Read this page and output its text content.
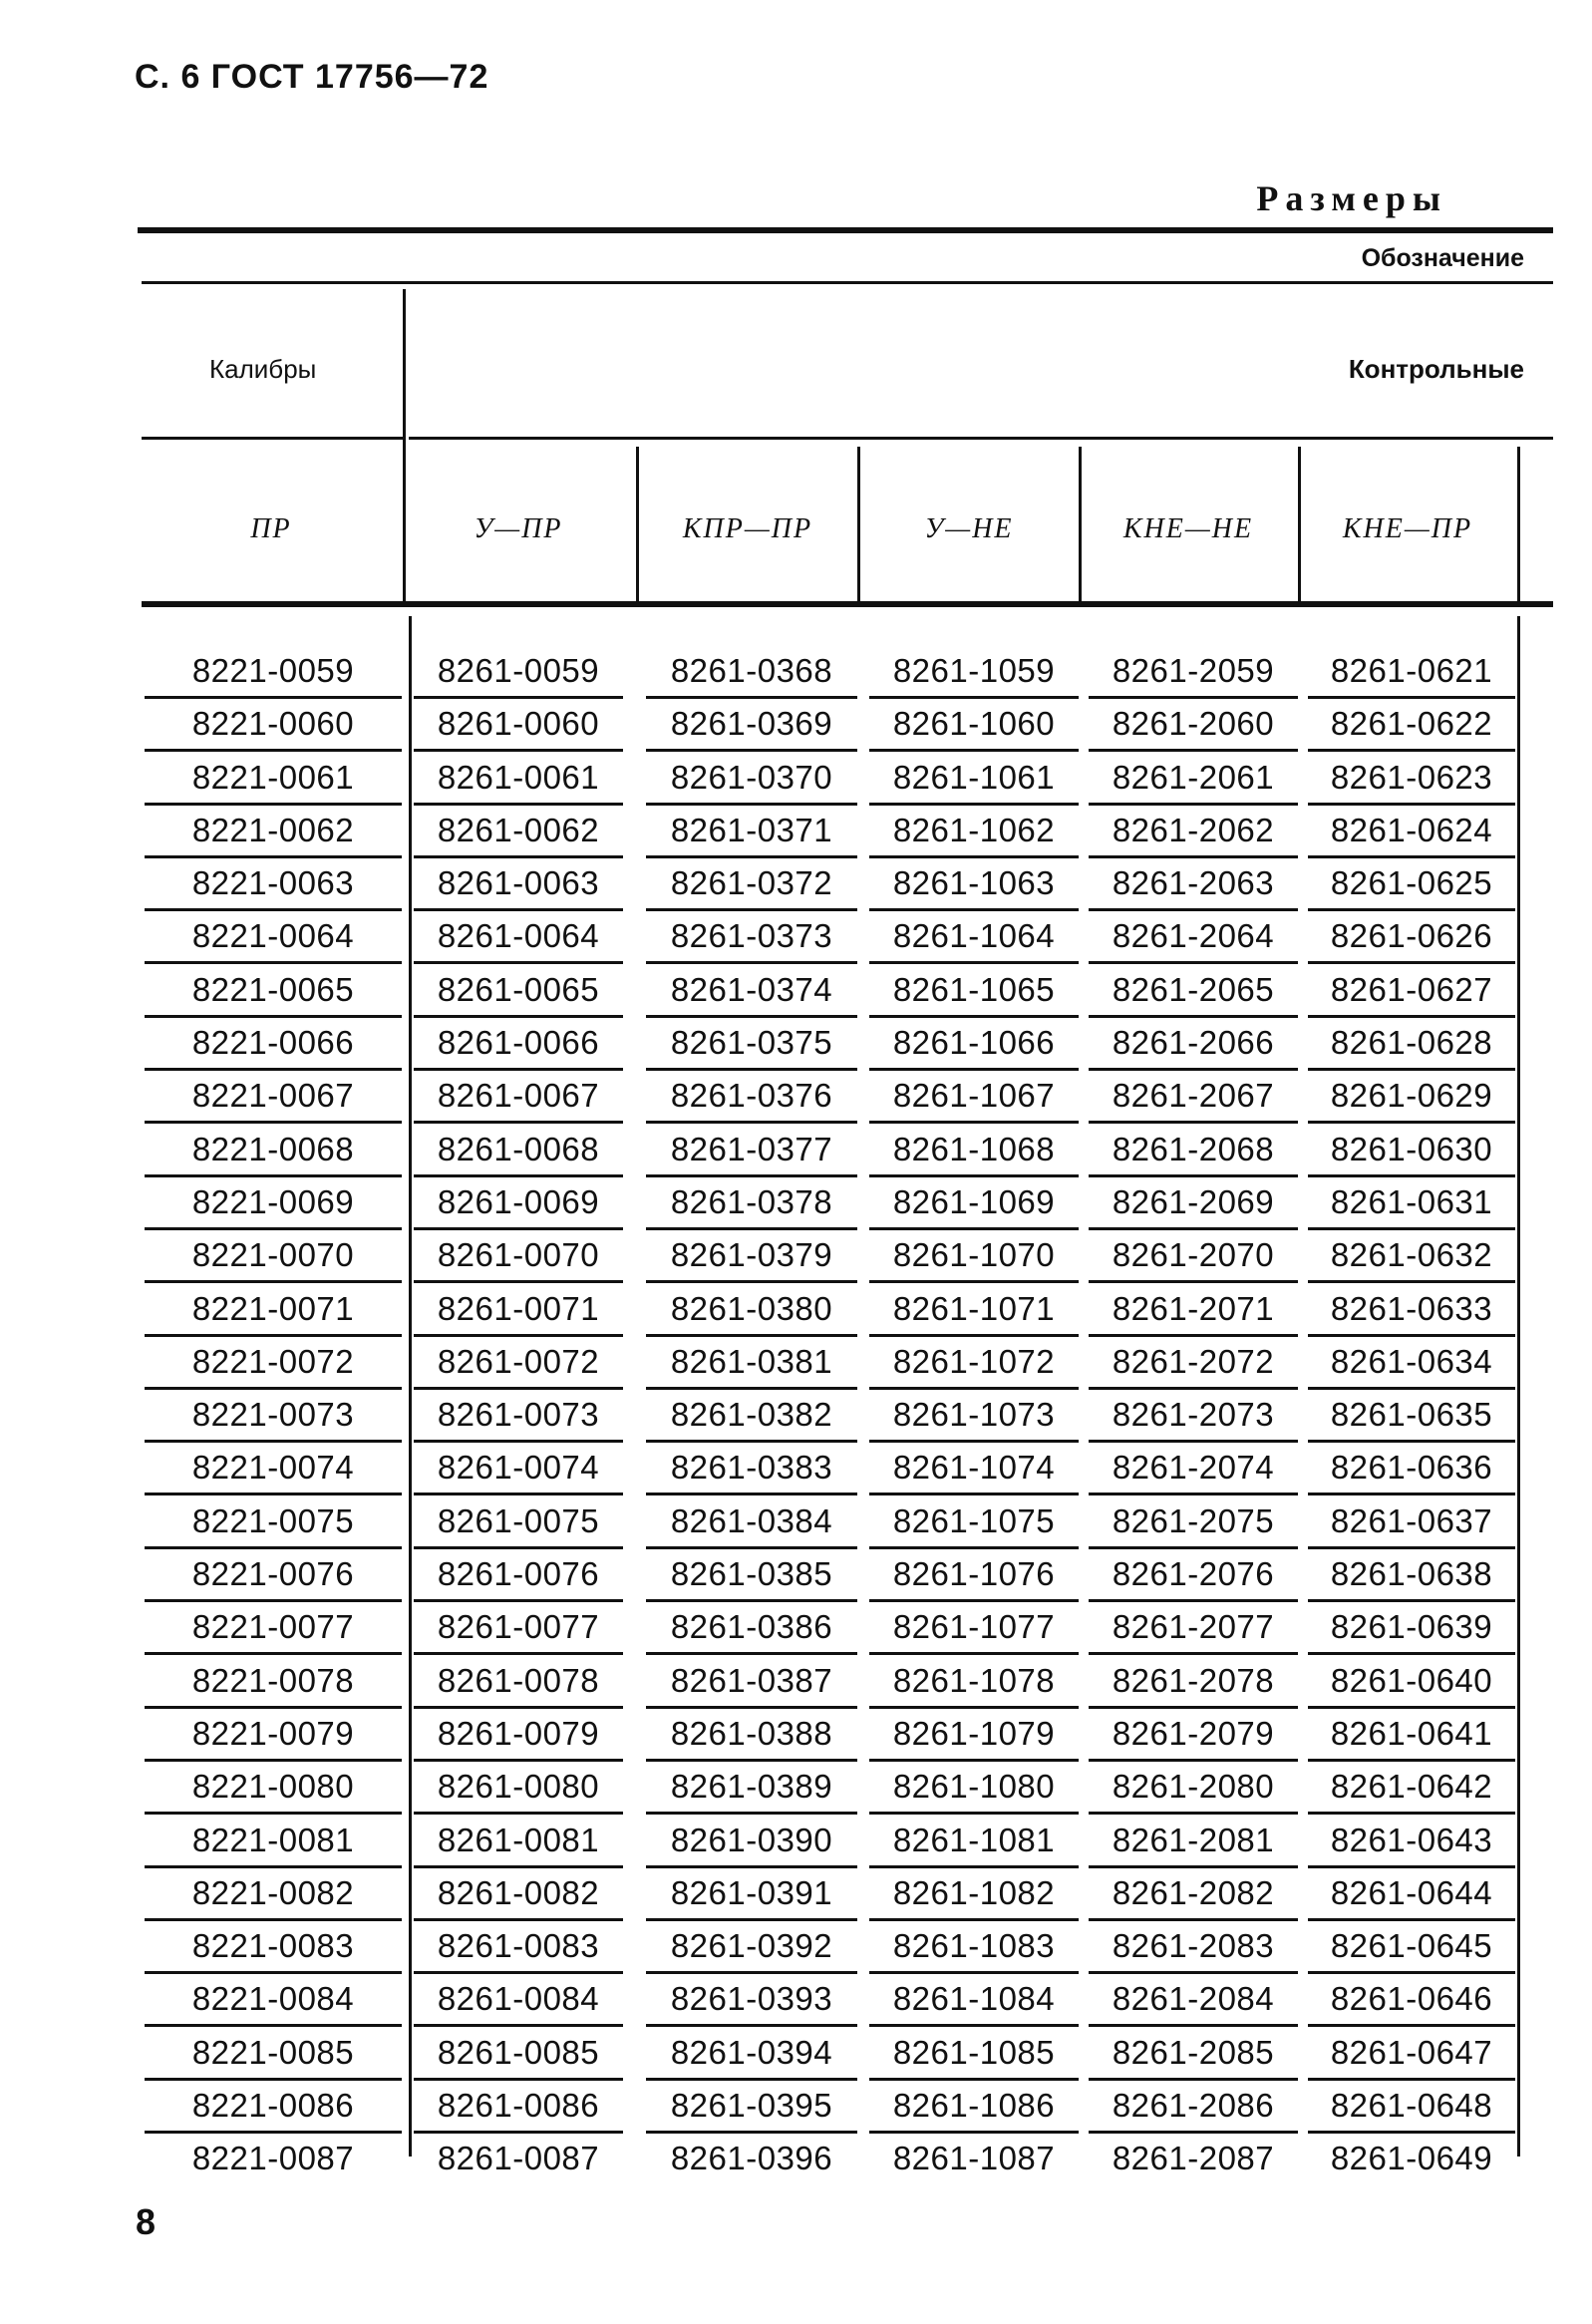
С. 6 ГОСТ 17756—72
Размеры
Обозначение
Калибры	Контрольные
ПР	У—ПР	КПР—ПР	У—НЕ	КНЕ—НЕ	КНЕ—ПР
8221-0059	8261-0059	8261-0368	8261-1059	8261-2059	8261-0621
8221-0060	8261-0060	8261-0369	8261-1060	8261-2060	8261-0622
8221-0061	8261-0061	8261-0370	8261-1061	8261-2061	8261-0623
8221-0062	8261-0062	8261-0371	8261-1062	8261-2062	8261-0624
8221-0063	8261-0063	8261-0372	8261-1063	8261-2063	8261-0625
8221-0064	8261-0064	8261-0373	8261-1064	8261-2064	8261-0626
8221-0065	8261-0065	8261-0374	8261-1065	8261-2065	8261-0627
8221-0066	8261-0066	8261-0375	8261-1066	8261-2066	8261-0628
8221-0067	8261-0067	8261-0376	8261-1067	8261-2067	8261-0629
8221-0068	8261-0068	8261-0377	8261-1068	8261-2068	8261-0630
8221-0069	8261-0069	8261-0378	8261-1069	8261-2069	8261-0631
8221-0070	8261-0070	8261-0379	8261-1070	8261-2070	8261-0632
8221-0071	8261-0071	8261-0380	8261-1071	8261-2071	8261-0633
8221-0072	8261-0072	8261-0381	8261-1072	8261-2072	8261-0634
8221-0073	8261-0073	8261-0382	8261-1073	8261-2073	8261-0635
8221-0074	8261-0074	8261-0383	8261-1074	8261-2074	8261-0636
8221-0075	8261-0075	8261-0384	8261-1075	8261-2075	8261-0637
8221-0076	8261-0076	8261-0385	8261-1076	8261-2076	8261-0638
8221-0077	8261-0077	8261-0386	8261-1077	8261-2077	8261-0639
8221-0078	8261-0078	8261-0387	8261-1078	8261-2078	8261-0640
8221-0079	8261-0079	8261-0388	8261-1079	8261-2079	8261-0641
8221-0080	8261-0080	8261-0389	8261-1080	8261-2080	8261-0642
8221-0081	8261-0081	8261-0390	8261-1081	8261-2081	8261-0643
8221-0082	8261-0082	8261-0391	8261-1082	8261-2082	8261-0644
8221-0083	8261-0083	8261-0392	8261-1083	8261-2083	8261-0645
8221-0084	8261-0084	8261-0393	8261-1084	8261-2084	8261-0646
8221-0085	8261-0085	8261-0394	8261-1085	8261-2085	8261-0647
8221-0086	8261-0086	8261-0395	8261-1086	8261-2086	8261-0648
8221-0087	8261-0087	8261-0396	8261-1087	8261-2087	8261-0649
8
